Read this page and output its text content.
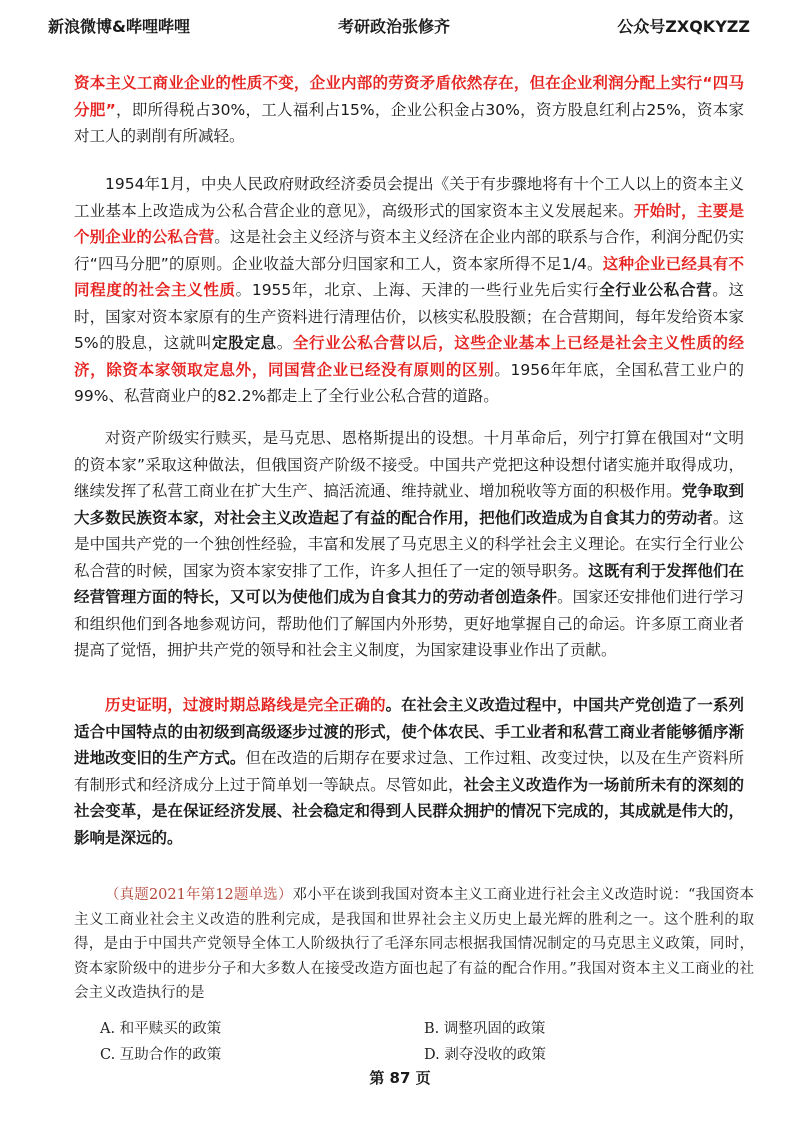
新浪微博&哔哩哔哩	考研政治张修齐	公众号ZXQKYZZ
资本主义工商业企业的性质不变，企业内部的劳资矛盾依然存在，但在企业利润分配上实行“四马分肥”，即所得税占30%，工人福利占15%，企业公积金占30%，资方股息红利占25%，资本家对工人的剥削有所减轻。
1954年1月，中央人民政府财政经济委员会提出《关于有步骤地将有十个工人以上的资本主义工业基本上改造成为公私合营企业的意见》，高级形式的国家资本主义发展起来。开始时，主要是个别企业的公私合营。这是社会主义经济与资本主义经济在企业内部的联系与合作，利润分配仍实行“四马分肥”的原则。企业收益大部分归国家和工人，资本家所得不足1/4。这种企业已经具有不同程度的社会主义性质。1955年，北京、上海、天津的一些行业先后实行全行业公私合营。这时，国家对资本家原有的生产资料进行清理估价，以核实私股股额；在合营期间，每年发给资本家5%的股息，这就叫定股定息。全行业公私合营以后，这些企业基本上已经是社会主义性质的经济，除资本家领取定息外，同国营企业已经没有原则的区别。1956年年底，全国私营工业户的99%、私营商业户的82.2%都走上了全行业公私合营的道路。
对资产阶级实行赎买，是马克思、恩格斯提出的设想。十月革命后，列宁打算在俄国对“文明的资本家”采取这种做法，但俄国资产阶级不接受。中国共产党把这种设想付诸实施并取得成功，继续发挥了私营工商业在扩大生产、搞活流通、维持就业、增加税收等方面的积极作用。党争取到大多数民族资本家，对社会主义改造起了有益的配合作用，把他们改造成为自食其力的劳动者。这是中国共产党的一个独创性经验，丰富和发展了马克思主义的科学社会主义理论。在实行全行业公私合营的时候，国家为资本家安排了工作，许多人担任了一定的领导职务。这既有利于发挥他们在经营管理方面的特长，又可以为使他们成为自食其力的劳动者创造条件。国家还安排他们进行学习和组织他们到各地参观访问，帮助他们了解国内外形势，更好地掌握自己的命运。许多原工商业者提高了觉悟，拥护共产党的领导和社会主义制度，为国家建设事业作出了贡献。
历史证明，过渡时期总路线是完全正确的。在社会主义改造过程中，中国共产党创造了一系列适合中国特点的由初级到高级逐步过渡的形式，使个体农民、手工业者和私营工商业者能够循序渐进地改变旧的生产方式。但在改造的后期存在要求过急、工作过粗、改变过快，以及在生产资料所有制形式和经济成分上过于简单划一等缺点。尽管如此，社会主义改造作为一场前所未有的深刻的社会变革，是在保证经济发展、社会稳定和得到人民群众拥护的情况下完成的，其成就是伟大的，影响是深远的。
（真题2021年第12题单选）邓小平在谈到我国对资本主义工商业进行社会主义改造时说：“我国资本主义工商业社会主义改造的胜利完成，是我国和世界社会主义历史上最光辉的胜利之一。这个胜利的取得，是由于中国共产党领导全体工人阶级执行了毛泽东同志根据我国情况制定的马克思主义政策，同时，资本家阶级中的进步分子和大多数人在接受改造方面也起了有益的配合作用。”我国对资本主义工商业的社会主义改造执行的是
A. 和平赎买的政策	B. 调整巩固的政策
C. 互助合作的政策	D. 剥夺没收的政策
第 87 页
